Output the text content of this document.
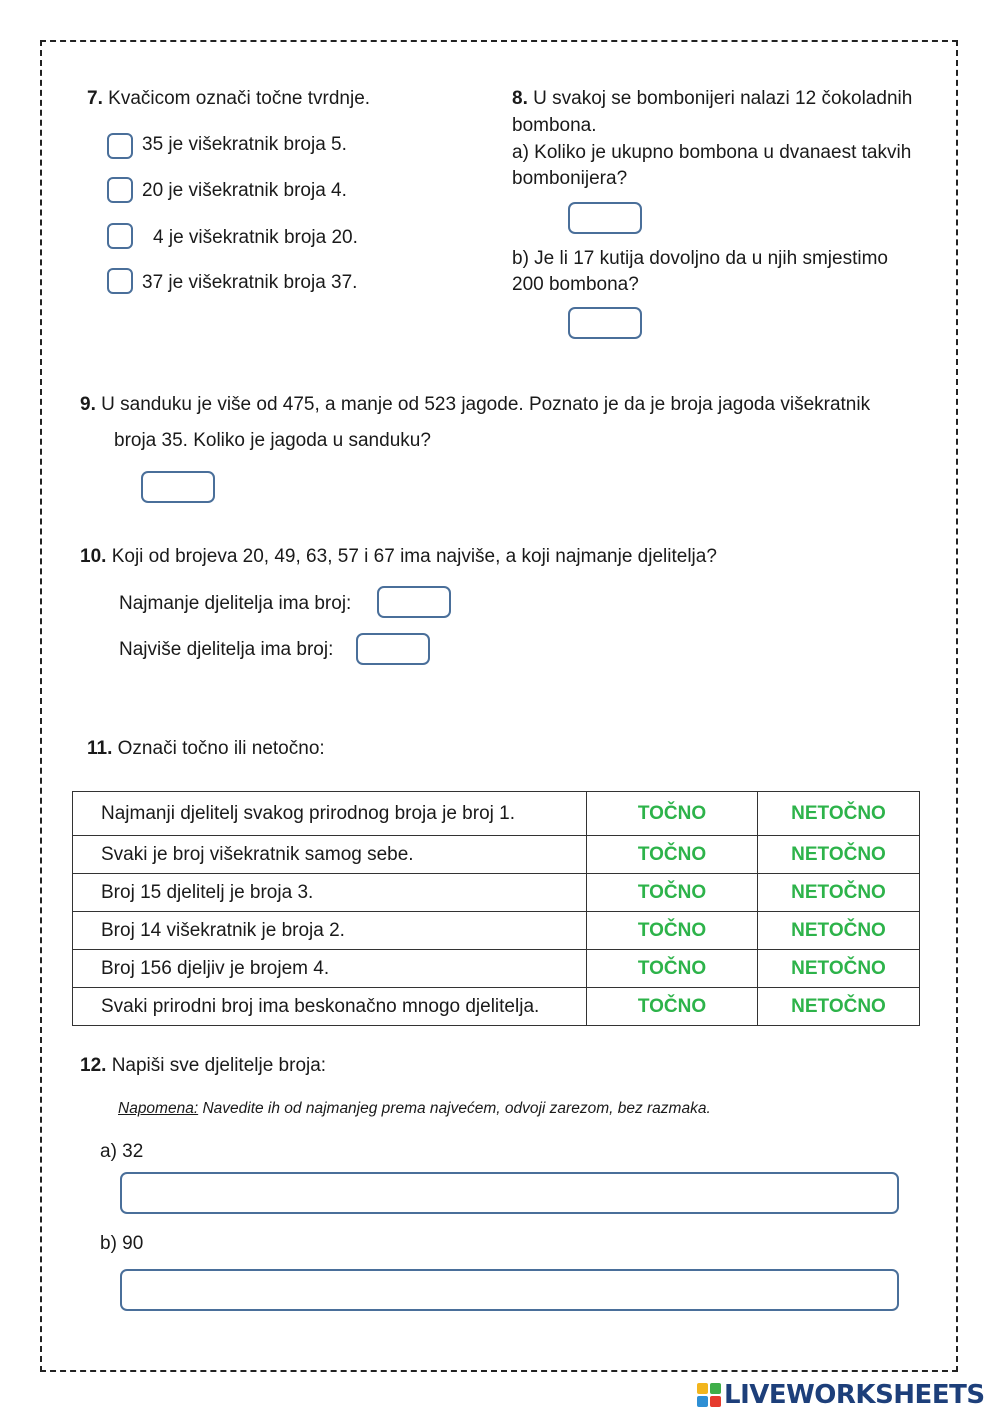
7. Kvačicom označi točne tvrdnje.
35 je višekratnik broja 5.
20 je višekratnik broja 4.
4 je višekratnik broja 20.
37 je višekratnik broja 37.
8. U svakoj se bombonijeri nalazi 12 čokoladnih
bombona.
a) Koliko je ukupno bombona u dvanaest takvih
bombonijera?
b) Je li 17 kutija dovoljno da u njih smjestimo
200 bombona?
9. U sanduku je više od 475, a manje od 523 jagode. Poznato je da je broja jagoda višekratnik
broja 35. Koliko je jagoda u sanduku?
10. Koji od brojeva 20, 49, 63, 57 i 67 ima najviše, a koji najmanje djelitelja?
Najmanje djelitelja ima broj:
Najviše djelitelja ima broj:
11. Označi točno ili netočno:
Najmanji djelitelj svakog prirodnog broja je broj 1.	TOČNO	NETOČNO
Svaki je broj višekratnik samog sebe.	TOČNO	NETOČNO
Broj 15 djelitelj je broja 3.	TOČNO	NETOČNO
Broj 14 višekratnik je broja 2.	TOČNO	NETOČNO
Broj 156 djeljiv je brojem 4.	TOČNO	NETOČNO
Svaki prirodni broj ima beskonačno mnogo djelitelja.	TOČNO	NETOČNO
12. Napiši sve djelitelje broja:
Napomena: Navedite ih od najmanjeg prema najvećem, odvoji zarezom, bez razmaka.
a) 32
b) 90
LIVEWORKSHEETS
